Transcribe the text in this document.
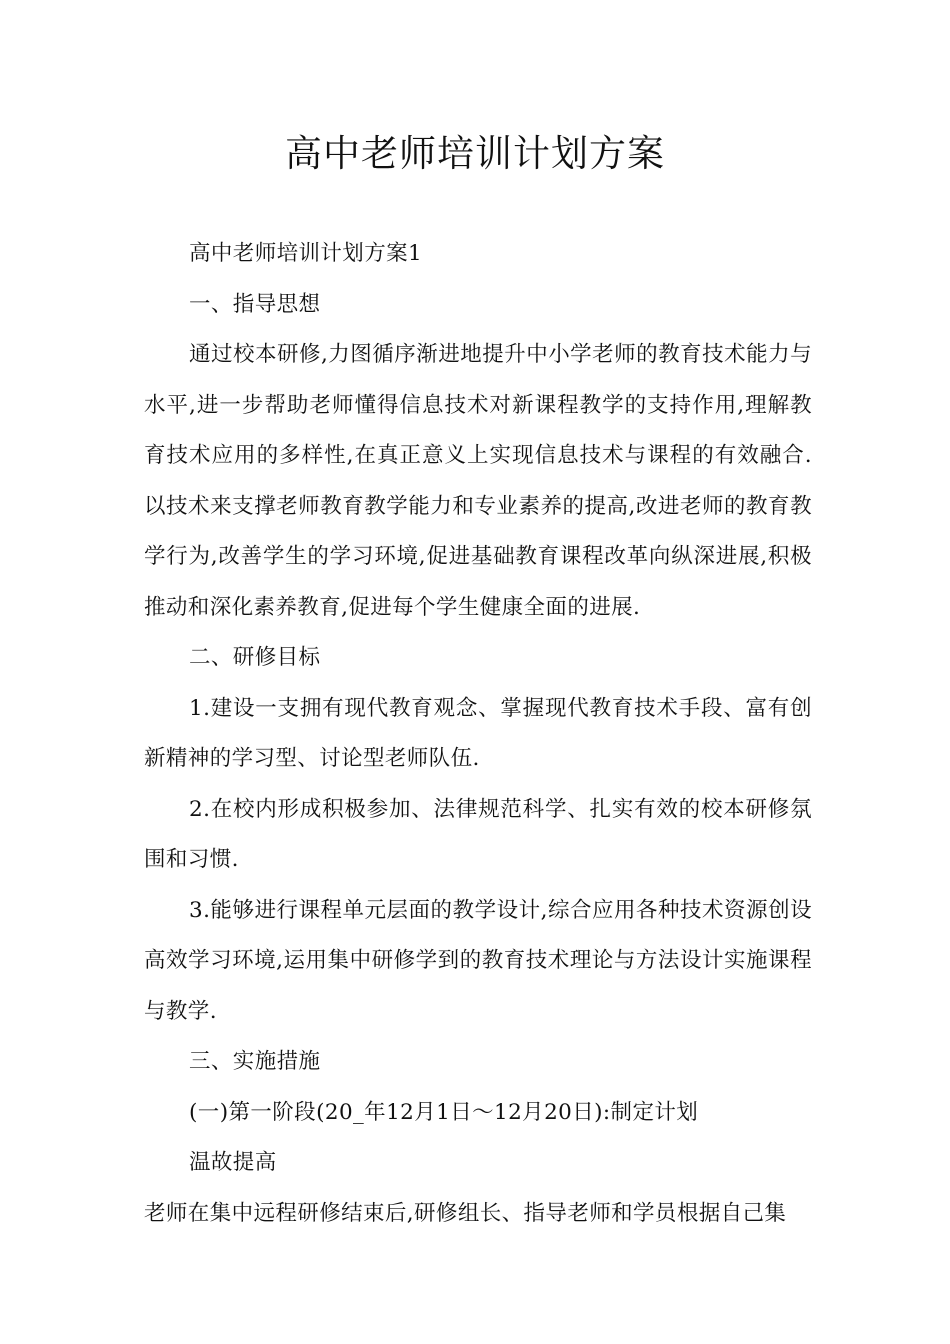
高中老师培训计划方案

高中老师培训计划方案1

一、指导思想

通过校本研修,力图循序渐进地提升中小学老师的教育技术能力与水平,进一步帮助老师懂得信息技术对新课程教学的支持作用,理解教育技术应用的多样性,在真正意义上实现信息技术与课程的有效融合.以技术来支撑老师教育教学能力和专业素养的提高,改进老师的教育教学行为,改善学生的学习环境,促进基础教育课程改革向纵深进展,积极推动和深化素养教育,促进每个学生健康全面的进展.

二、研修目标

1.建设一支拥有现代教育观念、掌握现代教育技术手段、富有创新精神的学习型、讨论型老师队伍.

2.在校内形成积极参加、法律规范科学、扎实有效的校本研修氛围和习惯.

3.能够进行课程单元层面的教学设计,综合应用各种技术资源创设高效学习环境,运用集中研修学到的教育技术理论与方法设计实施课程与教学.

三、实施措施

(一)第一阶段(20_年12月1日～12月20日):制定计划

温故提高

老师在集中远程研修结束后,研修组长、指导老师和学员根据自己集
